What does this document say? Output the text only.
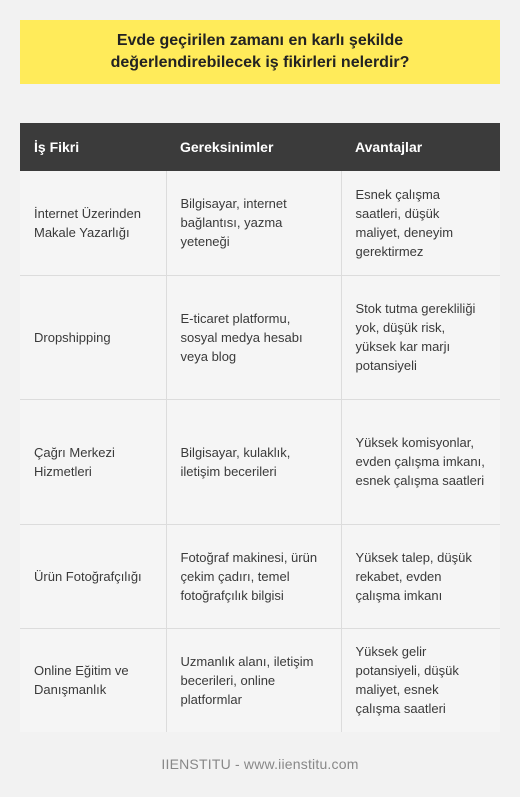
Evde geçirilen zamanı en karlı şekilde
değerlendirebilecek iş fikirleri nelerdir?
İş Fikri	Gereksinimler	Avantajlar
İnternet Üzerinden Makale Yazarlığı	Bilgisayar, internet bağlantısı, yazma yeteneği	Esnek çalışma saatleri, düşük maliyet, deneyim gerektirmez
Dropshipping	E-ticaret platformu, sosyal medya hesabı veya blog	Stok tutma gerekliliği yok, düşük risk, yüksek kar marjı potansiyeli
Çağrı Merkezi Hizmetleri	Bilgisayar, kulaklık, iletişim becerileri	Yüksek komisyonlar, evden çalışma imkanı, esnek çalışma saatleri
Ürün Fotoğrafçılığı	Fotoğraf makinesi, ürün çekim çadırı, temel fotoğrafçılık bilgisi	Yüksek talep, düşük rekabet, evden çalışma imkanı
Online Eğitim ve Danışmanlık	Uzmanlık alanı, iletişim becerileri, online platformlar	Yüksek gelir potansiyeli, düşük maliyet, esnek çalışma saatleri
IIENSTITU - www.iienstitu.com
